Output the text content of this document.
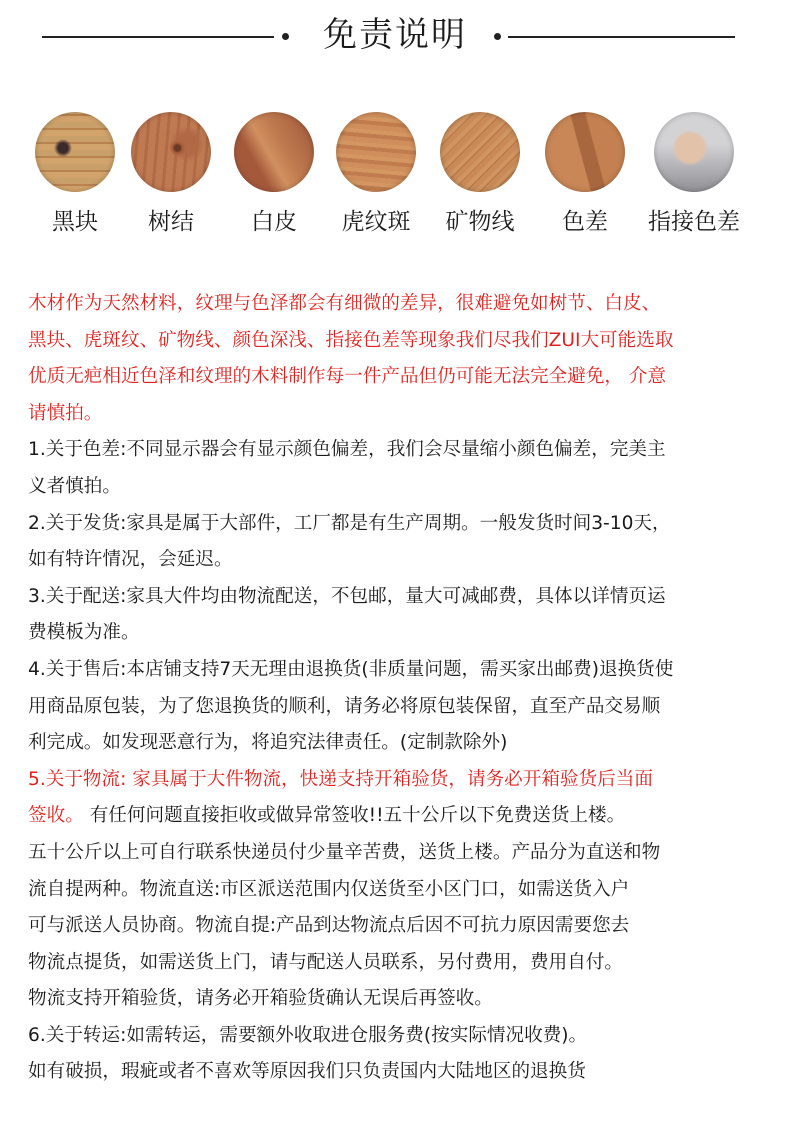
免责说明
黑块	树结	白皮	虎纹斑	矿物线	色差	指接色差
木材作为天然材料，纹理与色泽都会有细微的差异，很难避免如树节、白皮、
黑块、虎斑纹、矿物线、颜色深浅、指接色差等现象我们尽我们ZUI大可能选取
优质无疤相近色泽和纹理的木料制作每一件产品但仍可能无法完全避免， 介意
请慎拍。
1.关于色差:不同显示器会有显示颜色偏差，我们会尽量缩小颜色偏差，完美主
义者慎拍。
2.关于发货:家具是属于大部件，工厂都是有生产周期。一般发货时间3-10天，
如有特许情况，会延迟。
3.关于配送:家具大件均由物流配送，不包邮，量大可减邮费，具体以详情页运
费模板为准。
4.关于售后:本店铺支持7天无理由退换货(非质量问题，需买家出邮费)退换货使
用商品原包装，为了您退换货的顺利，请务必将原包装保留，直至产品交易顺
利完成。如发现恶意行为，将追究法律责任。(定制款除外)
5.关于物流: 家具属于大件物流，快递支持开箱验货，请务必开箱验货后当面
签收。 有任何问题直接拒收或做异常签收!!五十公斤以下免费送货上楼。
五十公斤以上可自行联系快递员付少量辛苦费，送货上楼。产品分为直送和物
流自提两种。物流直送:市区派送范围内仅送货至小区门口，如需送货入户
可与派送人员协商。物流自提:产品到达物流点后因不可抗力原因需要您去
物流点提货，如需送货上门，请与配送人员联系，另付费用，费用自付。
物流支持开箱验货，请务必开箱验货确认无误后再签收。
6.关于转运:如需转运，需要额外收取进仓服务费(按实际情况收费)。
如有破损，瑕疵或者不喜欢等原因我们只负责国内大陆地区的退换货
